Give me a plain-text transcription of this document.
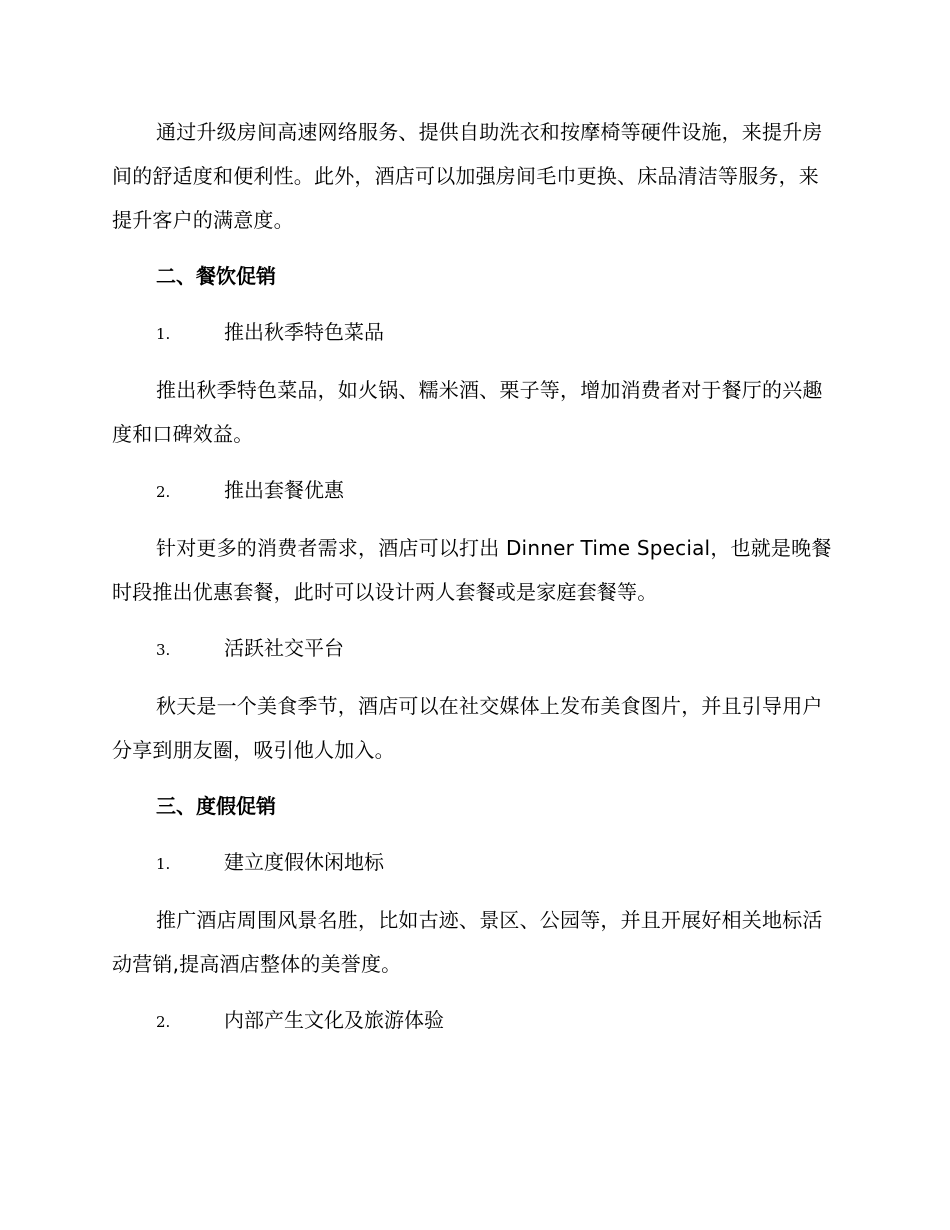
通过升级房间高速网络服务、提供自助洗衣和按摩椅等硬件设施，来提升房间的舒适度和便利性。此外，酒店可以加强房间毛巾更换、床品清洁等服务，来提升客户的满意度。

二、餐饮促销
1.	推出秋季特色菜品

推出秋季特色菜品，如火锅、糯米酒、栗子等，增加消费者对于餐厅的兴趣度和口碑效益。

2.	推出套餐优惠

针对更多的消费者需求，酒店可以打出 Dinner Time Special，也就是晚餐时段推出优惠套餐，此时可以设计两人套餐或是家庭套餐等。

3.	活跃社交平台

秋天是一个美食季节，酒店可以在社交媒体上发布美食图片，并且引导用户分享到朋友圈，吸引他人加入。

三、度假促销
1.	建立度假休闲地标

推广酒店周围风景名胜，比如古迹、景区、公园等，并且开展好相关地标活动营销,提高酒店整体的美誉度。

2.	内部产生文化及旅游体验
